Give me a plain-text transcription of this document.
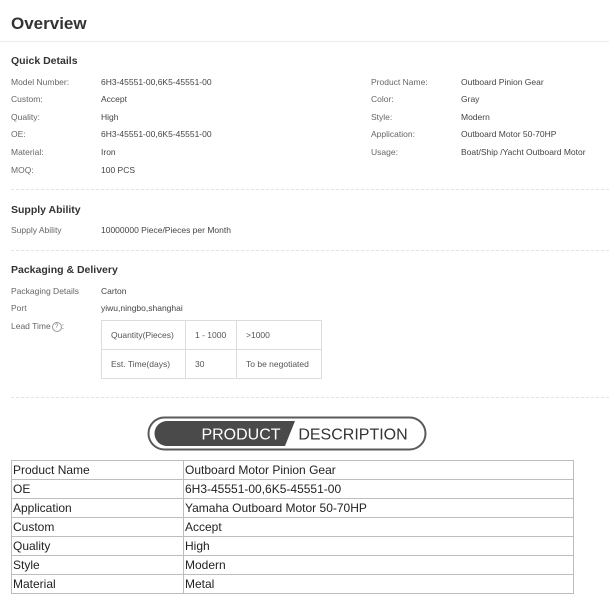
Overview
Quick Details
Model Number:	6H3-45551-00,6K5-45551-00
Custom:	Accept
Quality:	High
OE:	6H3-45551-00,6K5-45551-00
Material:	Iron
MOQ:	100 PCS
Product Name:	Outboard Pinion Gear
Color:	Gray
Style:	Modern
Application:	Outboard Motor 50-70HP
Usage:	Boat/Ship /Yacht Outboard Motor
Supply Ability
Supply Ability	10000000 Piece/Pieces per Month
Packaging & Delivery
Packaging Details	Carton
Port	yiwu,ningbo,shanghai
Lead Time ? :
Quantity(Pieces)	1 - 1000	>1000
Est. Time(days)	30	To be negotiated
PRODUCT DESCRIPTION
Product Name	Outboard Motor Pinion Gear
OE	6H3-45551-00,6K5-45551-00
Application	Yamaha Outboard Motor 50-70HP
Custom	Accept
Quality	High
Style	Modern
Material	Metal
